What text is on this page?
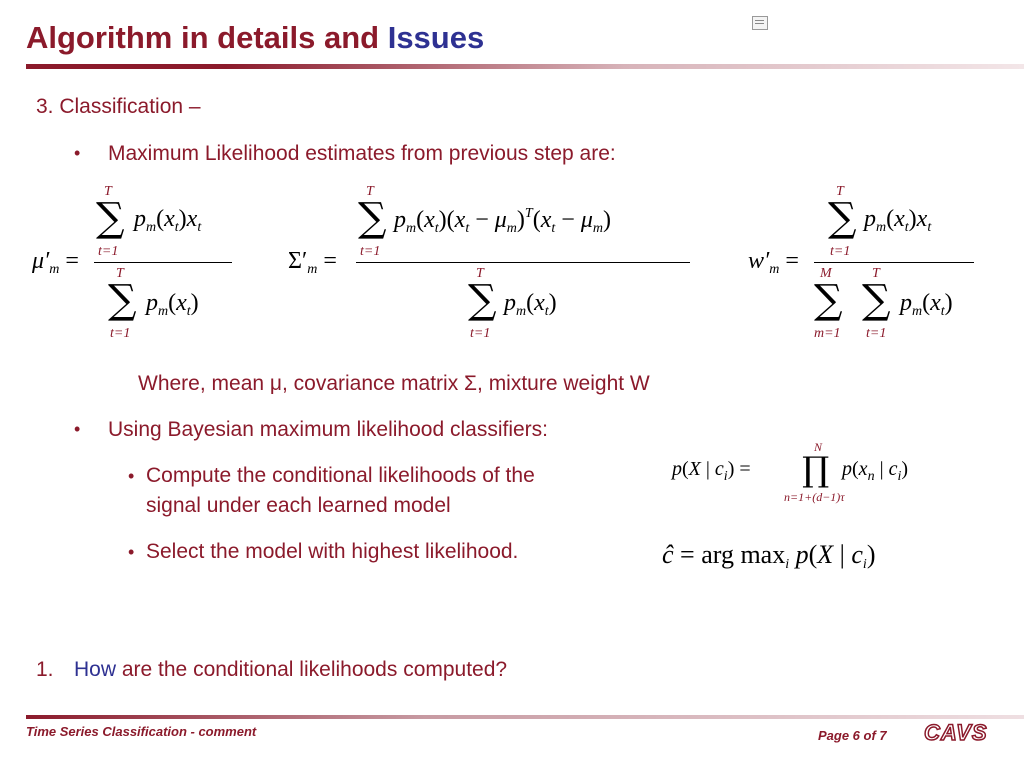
Algorithm in details and Issues
3. Classification –
• Maximum Likelihood estimates from previous step are:
$\mu'_m$ =
T
∑
t=1
$p_m(x_t)x_t$
T
∑
t=1
$p_m(x_t)$
$\Sigma'_m$ =
T
∑
t=1
$p_m(x_t)(x_t - \mu_m)^T(x_t - \mu_m)$
T
∑
t=1
$p_m(x_t)$
$w'_m$ =
T
∑
t=1
$p_m(x_t)x_t$
M
∑
m=1
T
∑
t=1
$p_m(x_t)$
Where, mean μ, covariance matrix Σ, mixture weight W
• Using Bayesian maximum likelihood classifiers:
• Compute the conditional likelihoods of the
signal under each learned model
• Select the model with highest likelihood.
p(X | $c_i$) =
N
∏
n=1+(d−1)τ
$p(x_n$ | $c_i$)
ĉ = arg $\max_i p(X$ | $c_i$)
1. How are the conditional likelihoods computed?
Time Series Classification - comment	Page 6 of 7 CAVS
